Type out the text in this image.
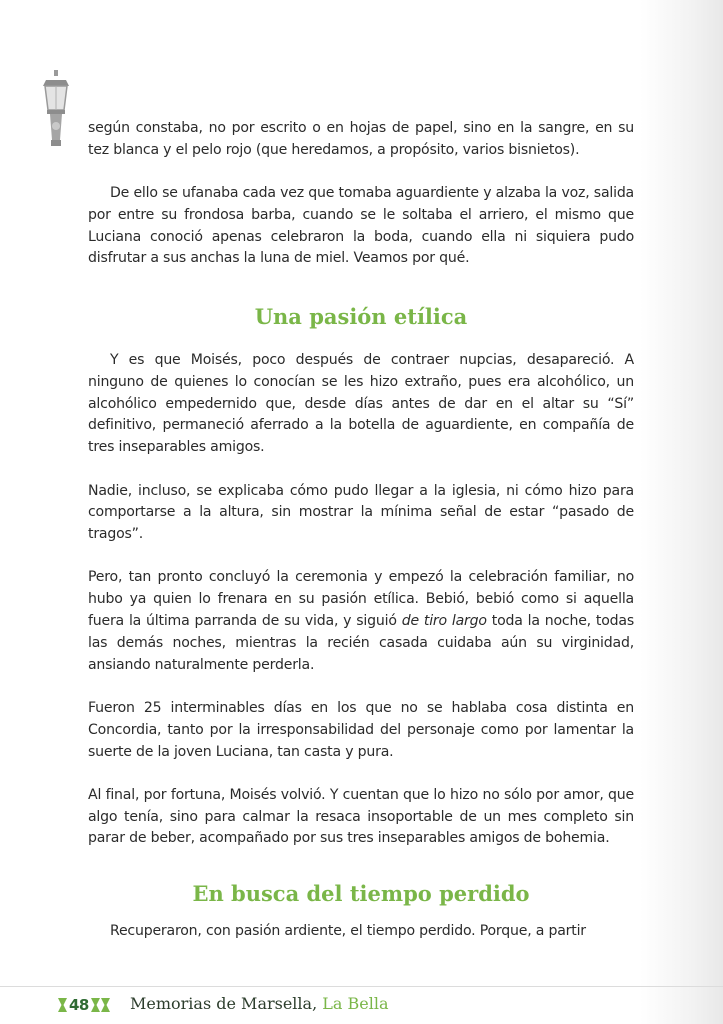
según constaba, no por escrito o en hojas de papel, sino en la sangre, en su tez blanca y el pelo rojo (que heredamos, a propósito, varios bisnietos).

De ello se ufanaba cada vez que tomaba aguardiente y alzaba la voz, salida por entre su frondosa barba, cuando se le soltaba el arriero, el mismo que Luciana conoció apenas celebraron la boda, cuando ella ni siquiera pudo disfrutar a sus anchas la luna de miel. Veamos por qué.

Una pasión etílica

Y es que Moisés, poco después de contraer nupcias, desapareció. A ninguno de quienes lo conocían se les hizo extraño, pues era alcohólico, un alcohólico empedernido que, desde días antes de dar en el altar su “Sí” definitivo, permaneció aferrado a la botella de aguardiente, en compañía de tres inseparables amigos.

Nadie, incluso, se explicaba cómo pudo llegar a la iglesia, ni cómo hizo para comportarse a la altura, sin mostrar la mínima señal de estar “pasado de tragos”.

Pero, tan pronto concluyó la ceremonia y empezó la celebración familiar, no hubo ya quien lo frenara en su pasión etílica. Bebió, bebió como si aquella fuera la última parranda de su vida, y siguió de tiro largo toda la noche, todas las demás noches, mientras la recién casada cuidaba aún su virginidad, ansiando naturalmente perderla.

Fueron 25 interminables días en los que no se hablaba cosa distinta en Concordia, tanto por la irresponsabilidad del personaje como por lamentar la suerte de la joven Luciana, tan casta y pura.

Al final, por fortuna, Moisés volvió. Y cuentan que lo hizo no sólo por amor, que algo tenía, sino para calmar la resaca insoportable de un mes completo sin parar de beber, acompañado por sus tres inseparables amigos de bohemia.

En busca del tiempo perdido

Recuperaron, con pasión ardiente, el tiempo perdido. Porque, a partir

48	Memorias de Marsella, La Bella
